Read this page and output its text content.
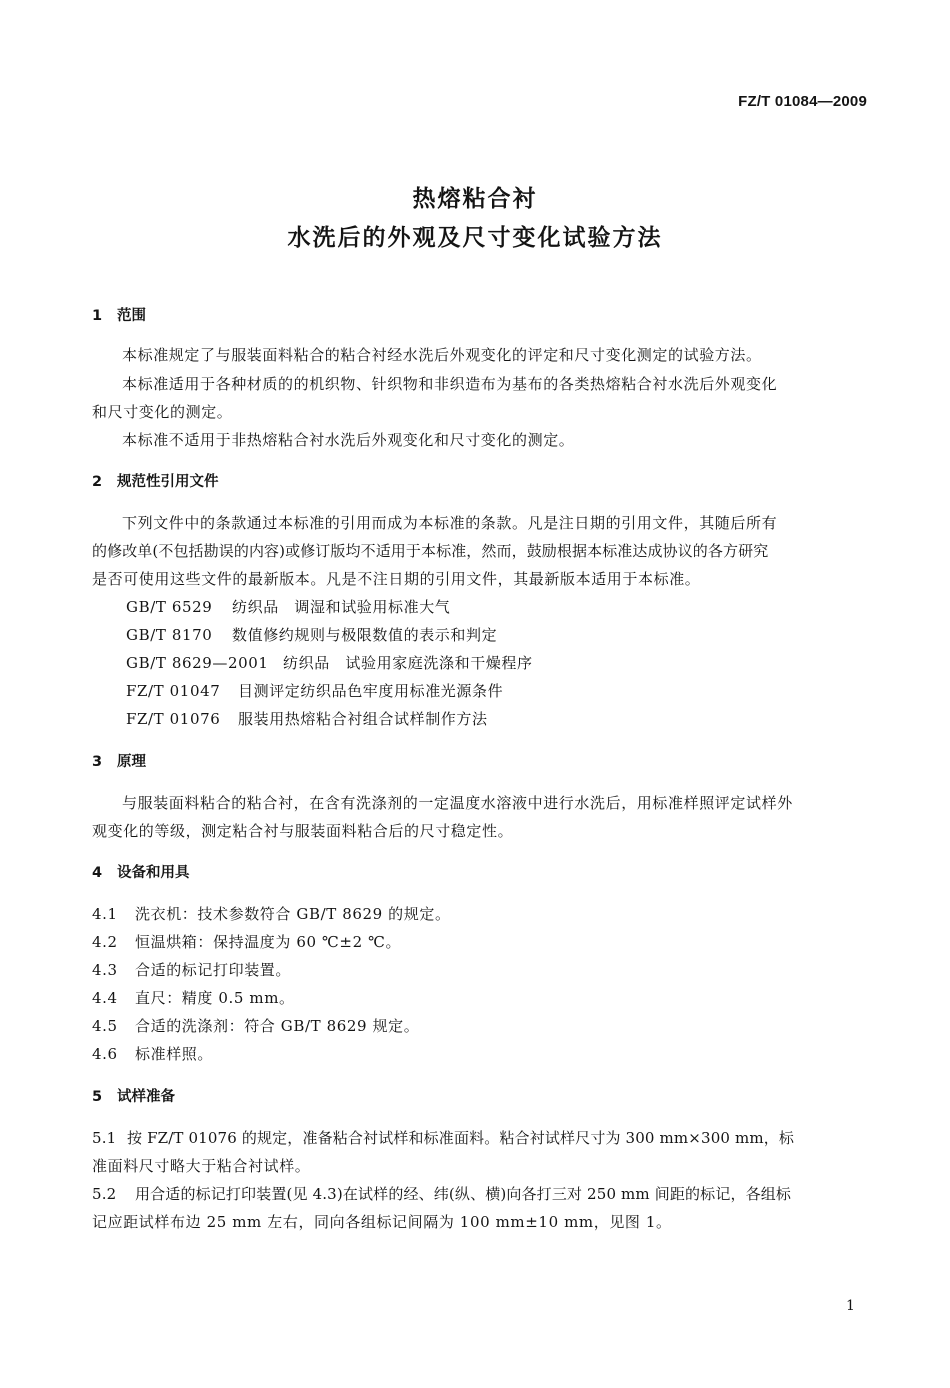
FZ/T 01084—2009
热熔粘合衬
水洗后的外观及尺寸变化试验方法
1 范围
本标准规定了与服装面料粘合的粘合衬经水洗后外观变化的评定和尺寸变化测定的试验方法。
本标准适用于各种材质的的机织物、针织物和非织造布为基布的各类热熔粘合衬水洗后外观变化
和尺寸变化的测定。
本标准不适用于非热熔粘合衬水洗后外观变化和尺寸变化的测定。
2 规范性引用文件
下列文件中的条款通过本标准的引用而成为本标准的条款。凡是注日期的引用文件，其随后所有
的修改单(不包括勘误的内容)或修订版均不适用于本标准，然而，鼓励根据本标准达成协议的各方研究
是否可使用这些文件的最新版本。凡是不注日期的引用文件，其最新版本适用于本标准。
GB/T 6529 纺织品　调湿和试验用标准大气
GB/T 8170 数值修约规则与极限数值的表示和判定
GB/T 8629—2001 纺织品　试验用家庭洗涤和干燥程序
FZ/T 01047 目测评定纺织品色牢度用标准光源条件
FZ/T 01076 服装用热熔粘合衬组合试样制作方法
3 原理
与服装面料粘合的粘合衬，在含有洗涤剂的一定温度水溶液中进行水洗后，用标准样照评定试样外
观变化的等级，测定粘合衬与服装面料粘合后的尺寸稳定性。
4 设备和用具
4.1 洗衣机：技术参数符合 GB/T 8629 的规定。
4.2 恒温烘箱：保持温度为 60 ℃±2 ℃。
4.3 合适的标记打印装置。
4.4 直尺：精度 0.5 mm。
4.5 合适的洗涤剂：符合 GB/T 8629 规定。
4.6 标准样照。
5 试样准备
5.1 按 FZ/T 01076 的规定，准备粘合衬试样和标准面料。粘合衬试样尺寸为 300 mm×300 mm，标
准面料尺寸略大于粘合衬试样。
5.2 用合适的标记打印装置(见 4.3)在试样的经、纬(纵、横)向各打三对 250 mm 间距的标记，各组标
记应距试样布边 25 mm 左右，同向各组标记间隔为 100 mm±10 mm，见图 1。
1
